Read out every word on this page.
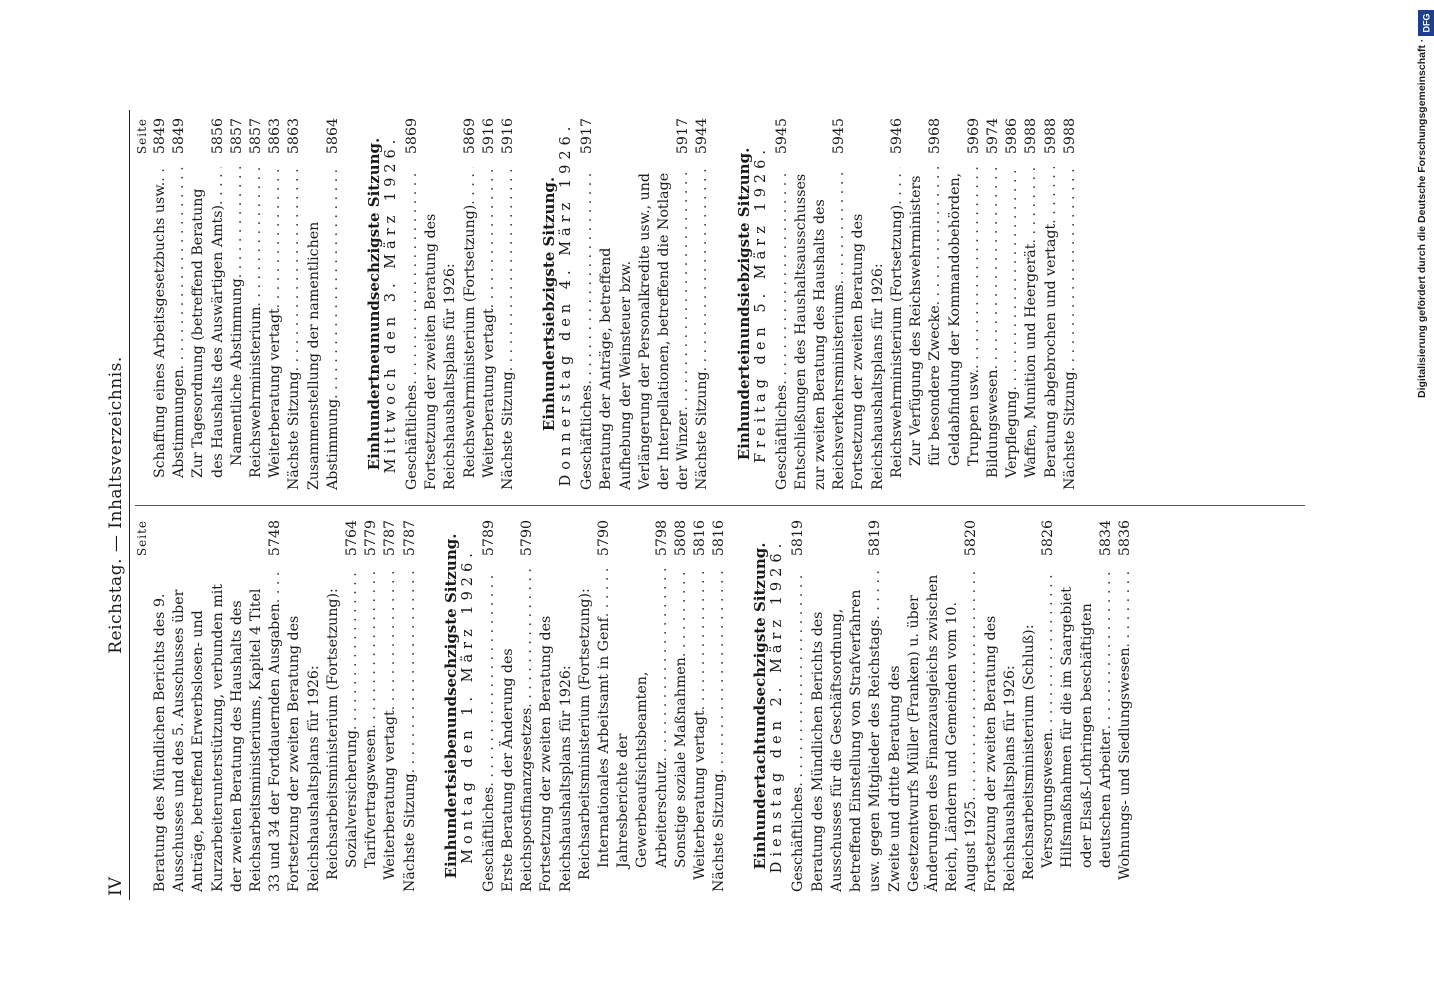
IV
Reichstag. — Inhaltsverzeichnis. Seite
Beratung des Mündlichen Berichts des 9. Ausschusses und des 5. Ausschusses über Anträge, betreffend Erwerbslosen- und Kurzarbeiterunterstützung, verbunden mit der zweiten Beratung des Haushalts des Reichsarbeitsministeriums, Kapitel 4 Titel 33 und 34 der Fortdauernden Ausgaben . . .
5748
Fortsetzung der zweiten Beratung des Reichshaushaltsplans für 1926: Reichsarbeitsministerium (Fortsetzung): Sozialversicherung . . .
5764
Tarifvertragswesen . . .
5779
Weiterberatung vertagt . . .
5787
Nächste Sitzung . . .
5787 Einhundertsiebenundsechzigste Sitzung. Montag den 1. März 1926. Geschäftliches . . .
5789
Erste Beratung der Änderung des Reichspostfinanzgesetzes . . .
5790
Fortsetzung der zweiten Beratung des Reichshaushaltsplans für 1926: Reichsarbeitsministerium (Fortsetzung): Internationales Arbeitsamt in Genf . . .
5790
Jahresberichte der Gewerbeaufsichtsbeamten, Arbeiterschutz . . .
5798
Sonstige soziale Maßnahmen . . .
5808
Weiterberatung vertagt . . .
5816
Nächste Sitzung . . .
5816
Einhundertachtundsechzigste Sitzung. Dienstag den 2. März 1926. Geschäftliches . . .
5819
Beratung des Mündlichen Berichts des Ausschusses für die Geschäftsordnung, betreffend Einstellung von Strafverfahren usw. gegen Mitglieder des Reichstags . . .
5819
Zweite und dritte Beratung des Gesetzentwurfs Müller (Franken) u. über Änderungen des Finanzausgleichs zwischen Reich, Ländern und Gemeinden vom 10. August 1925 . . .
5820
Fortsetzung der zweiten Beratung des Reichshaushaltsplans für 1926: Reichsarbeitsministerium (Schluß): Versorgungswesen . . .
5826
Hilfsmaßnahmen für die im Saargebiet oder Elsaß-Lothringen beschäftigten deutschen Arbeiter . . .
5834
Wohnungs- und Siedlungswesen . . .
5836
Seite
Schaffung eines Arbeitsgesetzbuchs usw. . . .
5849
Abstimmungen . . .
5849
Zur Tagesordnung (betreffend Beratung des Haushalts des Auswärtigen Amts) . . .
5856
Namentliche Abstimmung . . .
5857
Reichswehrministerium . . .
5857
Weiterberatung vertagt . . .
5863
Nächste Sitzung . . .
5863
Zusammenstellung der namentlichen Abstimmung . . .
5864
Einhundertneunundsechzigste Sitzung. Mittwoch den 3. März 1926. Geschäftliches . . .
5869
Fortsetzung der zweiten Beratung des Reichshaushaltsplans für 1926: Reichswehrministerium (Fortsetzung) . . .
5869
Weiterberatung vertagt . . .
5916
Nächste Sitzung . . .
5916
Einhundertsiebzigste Sitzung. Donnerstag den 4. März 1926. Geschäftliches . . .
5917
Beratung der Anträge, betreffend Aufhebung der Weinsteuer bzw. Verlängerung der Personalkredite usw., und der Interpellationen, betreffend die Notlage der Winzer . . .
5917
Nächste Sitzung . . .
5944
Einhunderteinundsiebzigste Sitzung. Freitag den 5. März 1926. Geschäftliches . . .
5945
Entschließungen des Haushaltsausschusses zur zweiten Beratung des Haushalts des Reichsverkehrsministeriums . . .
5945
Fortsetzung der zweiten Beratung des Reichshaushaltsplans für 1926: Reichswehrministerium (Fortsetzung) . . .
5946
Zur Verfügung des Reichswehrministers für besondere Zwecke . . .
5968
Geldabfindung der Kommandobehörden, Truppen usw. . . .
5969
Bildungswesen . . .
5974
Verpflegung . . .
5986
Waffen, Munition und Heergerät . . .
5988
Beratung abgebrochen und vertagt . . .
5988
Nächste Sitzung . . .
5988
DFG
Digitalisierung gefördert durch die Deutsche Forschungsgemeinschaft ·
